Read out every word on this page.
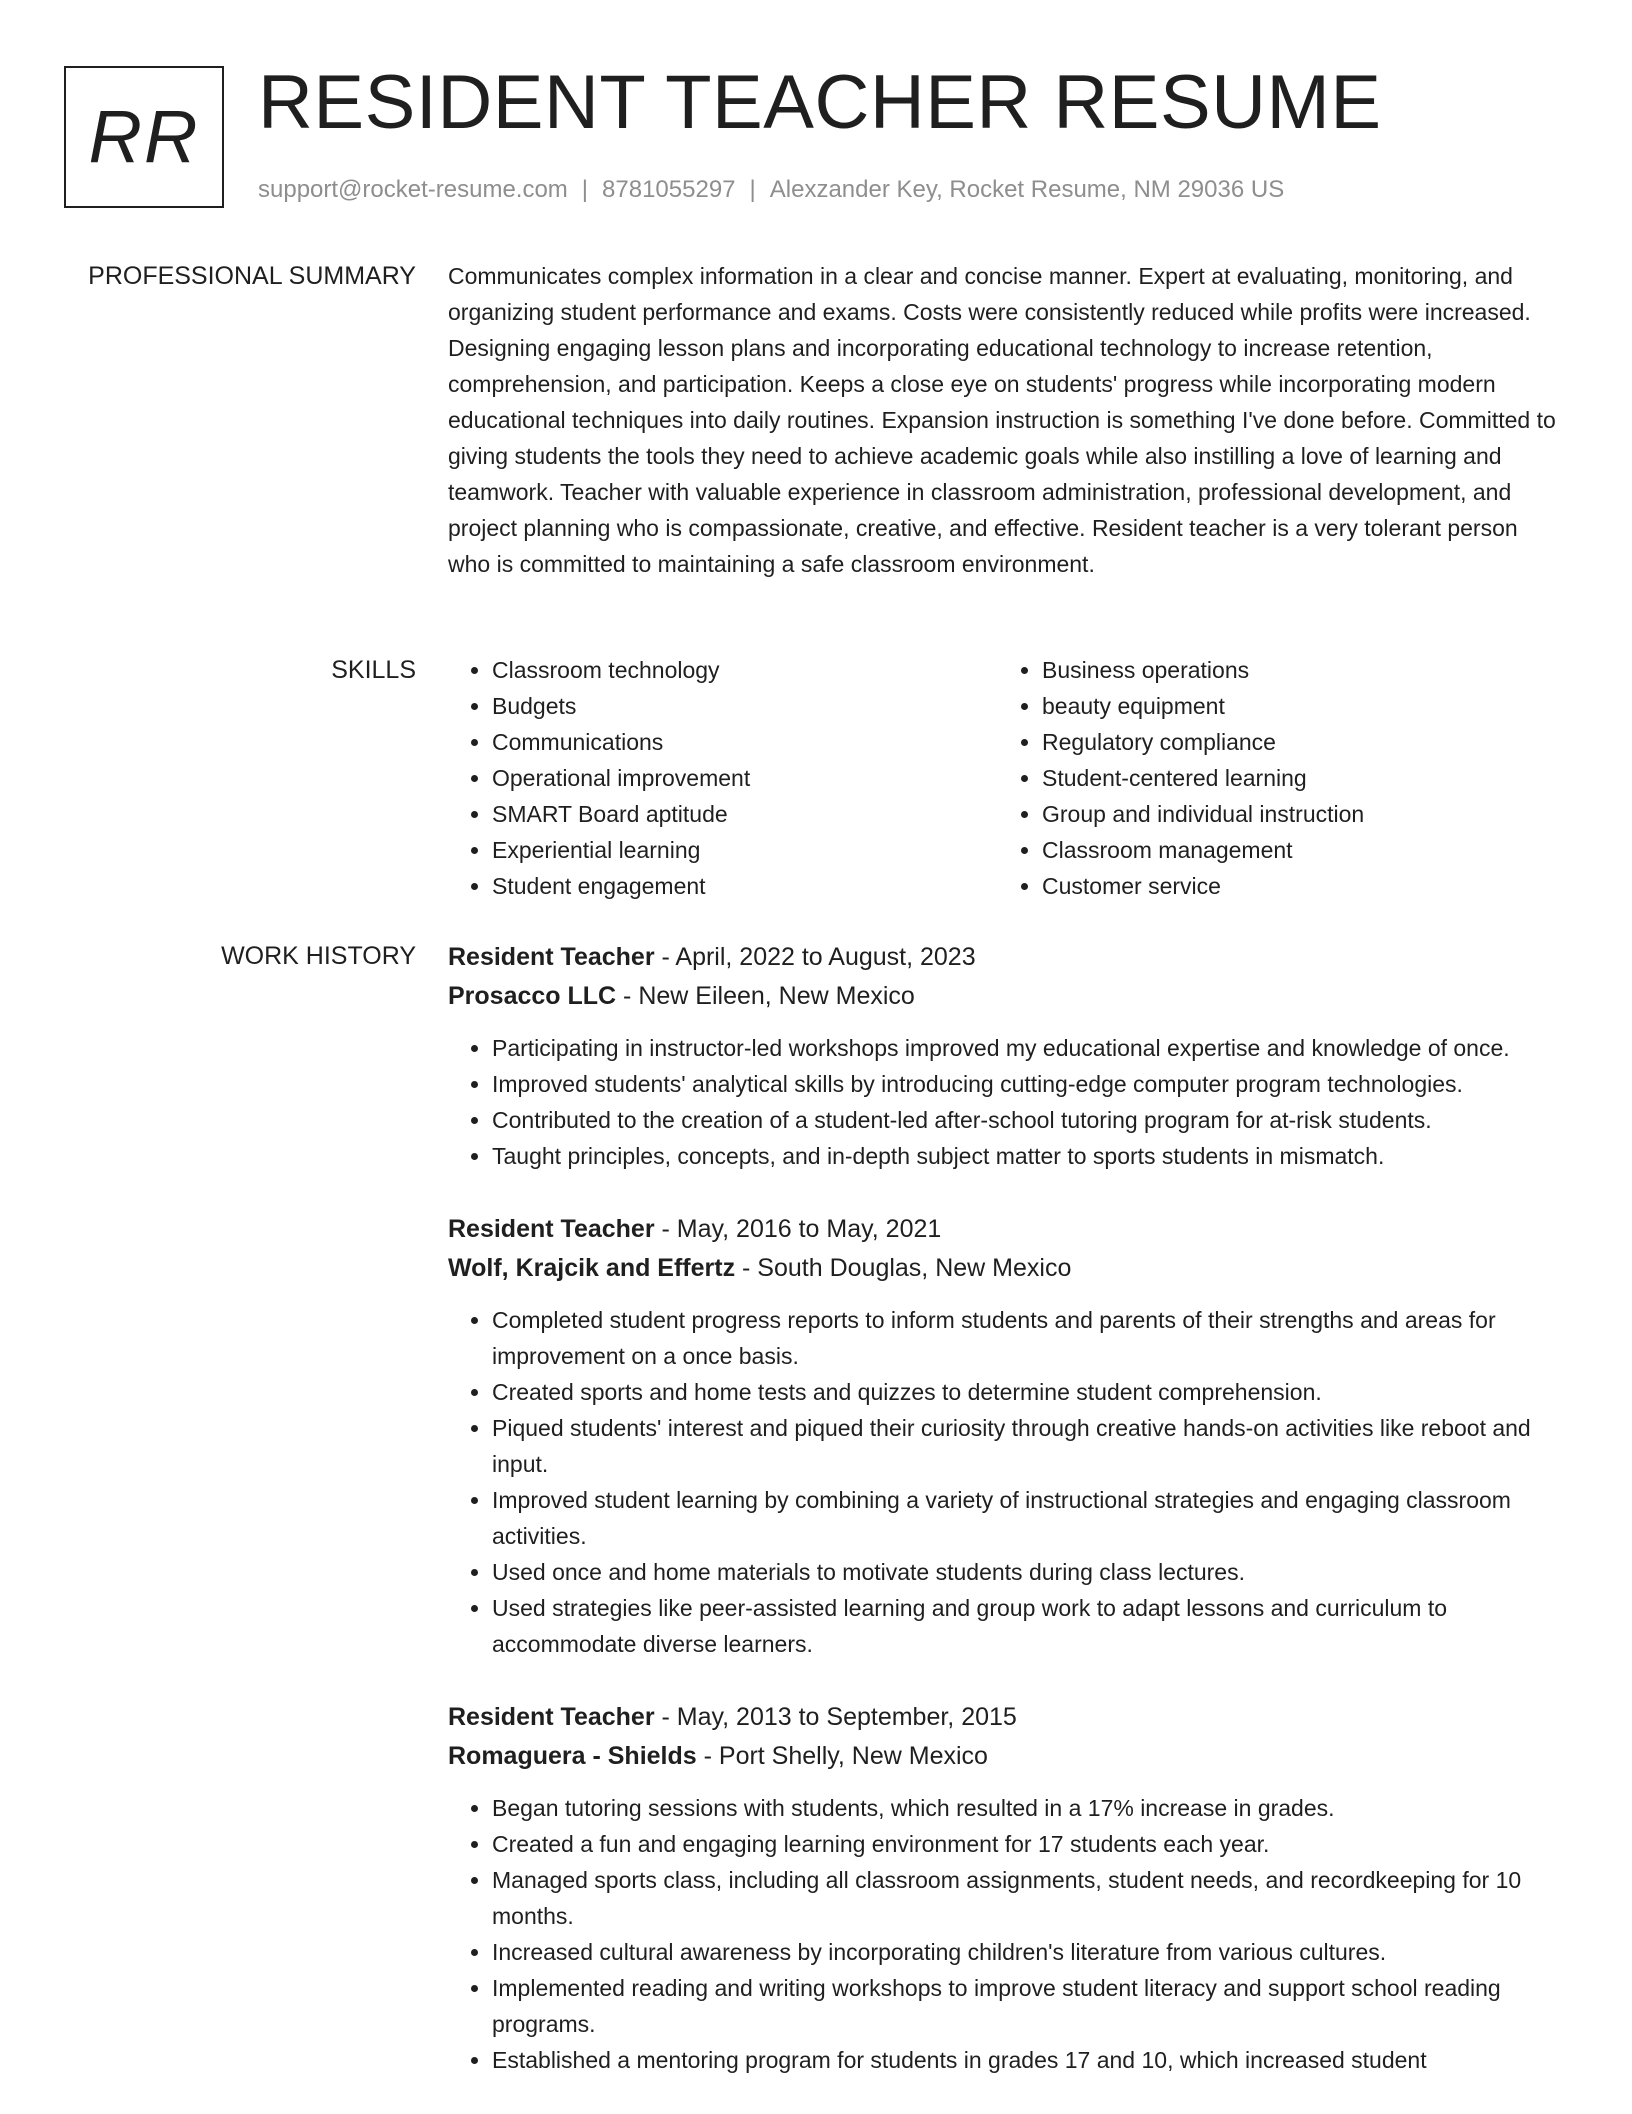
RR RESIDENT TEACHER RESUME
support@rocket-resume.com | 8781055297 | Alexzander Key, Rocket Resume, NM 29036 US
PROFESSIONAL SUMMARY Communicates complex information in a clear and concise manner. Expert at evaluating, monitoring, and organizing student performance and exams. Costs were consistently reduced while profits were increased. Designing engaging lesson plans and incorporating educational technology to increase retention, comprehension, and participation. Keeps a close eye on students' progress while incorporating modern educational techniques into daily routines. Expansion instruction is something I've done before. Committed to giving students the tools they need to achieve academic goals while also instilling a love of learning and teamwork. Teacher with valuable experience in classroom administration, professional development, and project planning who is compassionate, creative, and effective. Resident teacher is a very tolerant person who is committed to maintaining a safe classroom environment.

SKILLS
•	Classroom technology
• Budgets
• Communications
• Operational improvement
• SMART Board aptitude
• Experiential learning
• Student engagement
• Business operations
• beauty equipment
• Regulatory compliance
• Student-centered learning
• Group and individual instruction
• Classroom management
• Customer service
WORK HISTORY Resident Teacher - April, 2022 to August, 2023
Prosacco LLC - New Eileen, New Mexico
• Participating in instructor-led workshops improved my educational expertise and knowledge of once.
• Improved students' analytical skills by introducing cutting-edge computer program technologies.
• Contributed to the creation of a student-led after-school tutoring program for at-risk students.
• Taught principles, concepts, and in-depth subject matter to sports students in mismatch.
Resident Teacher - May, 2016 to May, 2021
Wolf, Krajcik and Effertz - South Douglas, New Mexico
• Completed student progress reports to inform students and parents of their strengths and areas for improvement on a once basis.
• Created sports and home tests and quizzes to determine student comprehension.
• Piqued students' interest and piqued their curiosity through creative hands-on activities like reboot and input.
• Improved student learning by combining a variety of instructional strategies and engaging classroom activities.
• Used once and home materials to motivate students during class lectures.
• Used strategies like peer-assisted learning and group work to adapt lessons and curriculum to accommodate diverse learners.
Resident Teacher - May, 2013 to September, 2015
Romaguera - Shields - Port Shelly, New Mexico
• Began tutoring sessions with students, which resulted in a 17% increase in grades.
• Created a fun and engaging learning environment for 17 students each year.
• Managed sports class, including all classroom assignments, student needs, and recordkeeping for 10 months.
• Increased cultural awareness by incorporating children's literature from various cultures.
• Implemented reading and writing workshops to improve student literacy and support school reading programs.
• Established a mentoring program for students in grades 17 and 10, which increased student
